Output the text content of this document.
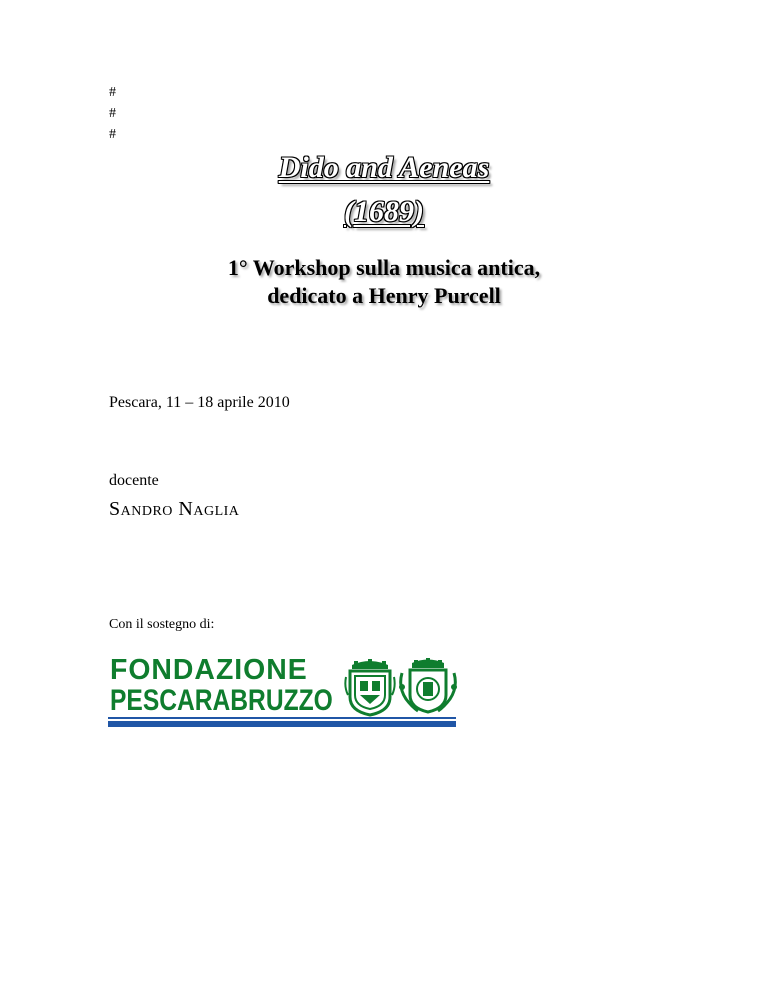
#
#
#
Dido and Aeneas
(1689)
1° Workshop sulla musica antica,
dedicato a Henry Purcell
Pescara, 11 – 18 aprile 2010
docente
Sandro Naglia
Con il sostegno di:
FONDAZIONE
PESCARABRUZZO
